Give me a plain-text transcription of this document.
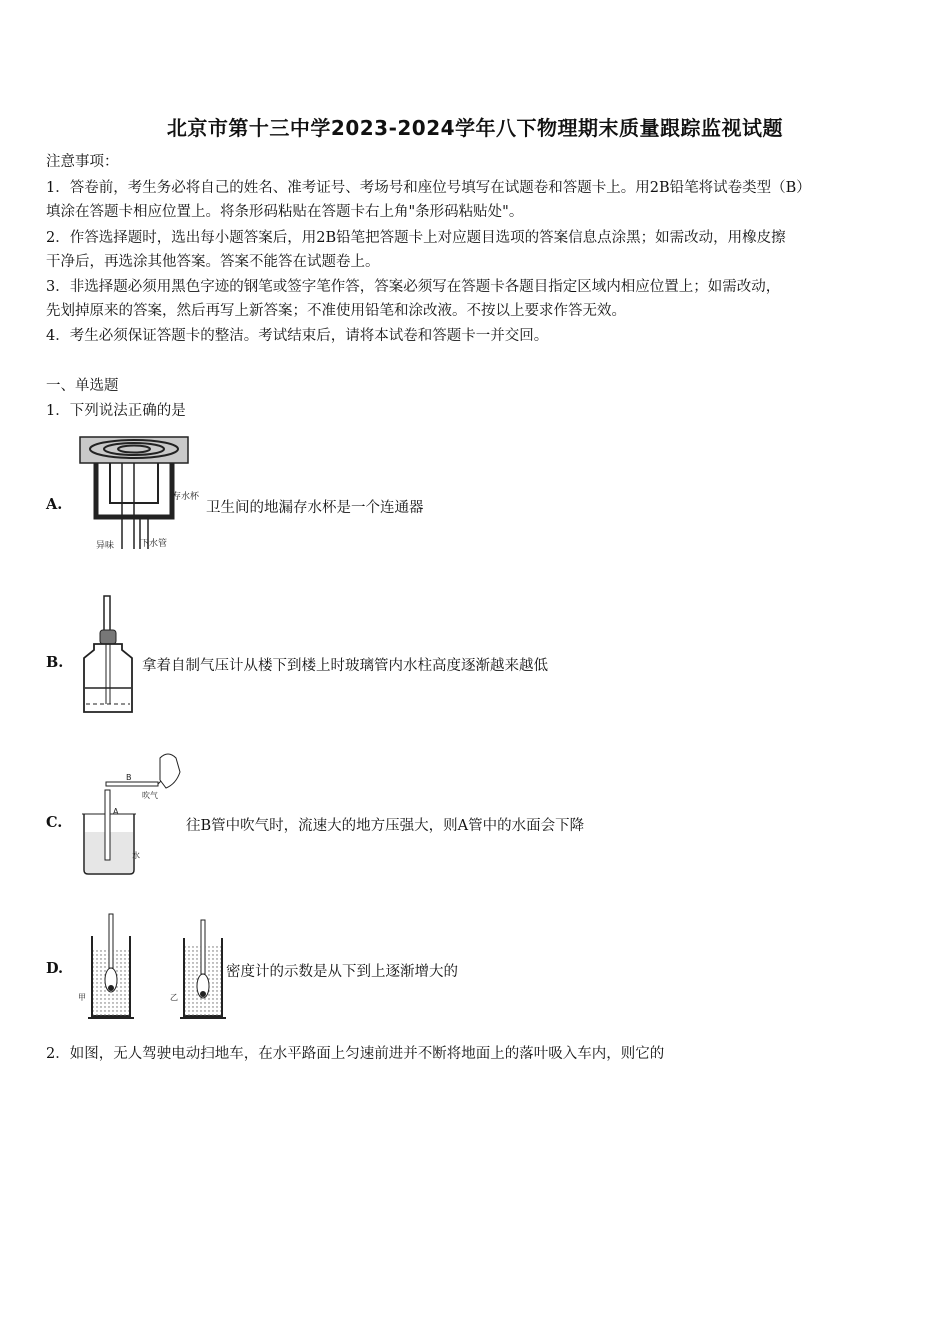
北京市第十三中学2023-2024学年八下物理期末质量跟踪监视试题
注意事项：
1．答卷前，考生务必将自己的姓名、准考证号、考场号和座位号填写在试题卷和答题卡上。用2B铅笔将试卷类型（B）
填涂在答题卡相应位置上。将条形码粘贴在答题卡右上角"条形码粘贴处"。
2．作答选择题时，选出每小题答案后，用2B铅笔把答题卡上对应题目选项的答案信息点涂黑；如需改动，用橡皮擦
干净后，再选涂其他答案。答案不能答在试题卷上。
3．非选择题必须用黑色字迹的钢笔或签字笔作答，答案必须写在答题卡各题目指定区域内相应位置上；如需改动，
先划掉原来的答案，然后再写上新答案；不准使用铅笔和涂改液。不按以上要求作答无效。
4．考生必须保证答题卡的整洁。考试结束后，请将本试卷和答题卡一并交回。
一、单选题
1．下列说法正确的是
A.	存水杯
异味	下水管
卫生间的地漏存水杯是一个连通器
B.	拿着自制气压计从楼下到楼上时玻璃管内水柱高度逐渐越来越低
C.
B
A
吹气
水
往B管中吹气时，流速大的地方压强大，则A管中的水面会下降
D.
甲	乙
密度计的示数是从下到上逐渐增大的
2．如图，无人驾驶电动扫地车，在水平路面上匀速前进并不断将地面上的落叶吸入车内，则它的
